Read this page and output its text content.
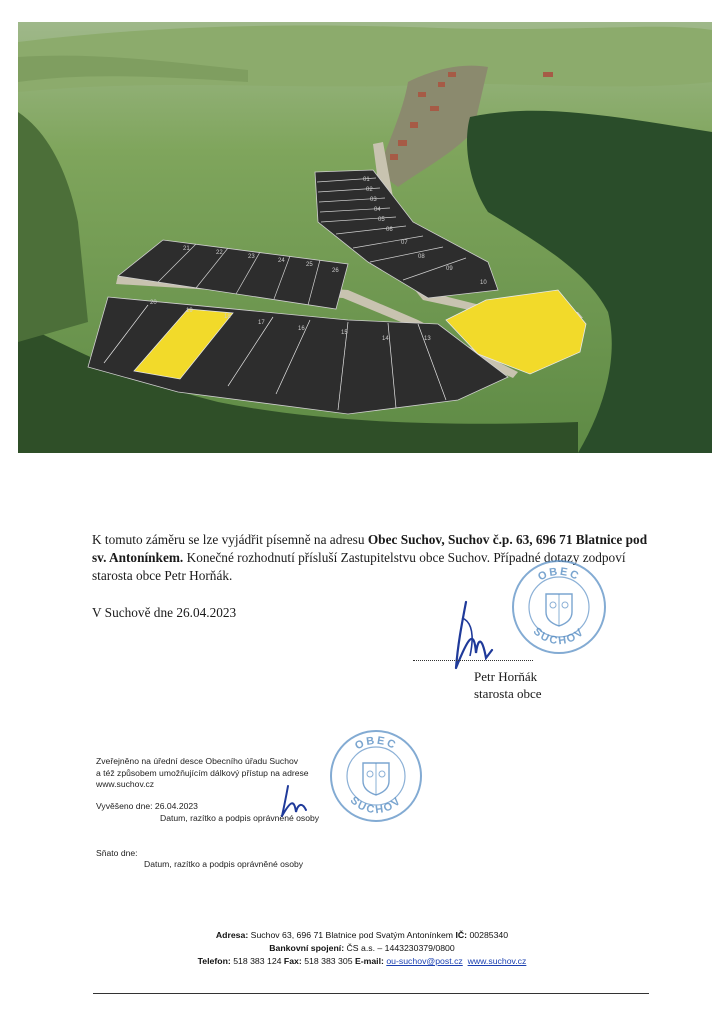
01
02
03
04
05
06
07
08
09
10
21
22
23
24
25
26
20
19
18
17
16
15
14	13
K tomuto záměru se lze vyjádřit písemně na adresu Obec Suchov, Suchov č.p. 63, 696 71 Blatnice pod sv. Antonínkem. Konečné rozhodnutí přísluší Zastupitelstvu obce Suchov. Případné dotazy zodpoví starosta obce Petr Horňák.
V Suchově dne 26.04.2023
OBEC
SUCHOV
Petr Horňák
starosta obce
Zveřejněno na úřední desce Obecního úřadu Suchov
a též způsobem umožňujícím dálkový přístup na adrese
www.suchov.cz
Vyvěšeno dne: 26.04.2023
Datum, razítko a podpis oprávněné osoby
Sňato dne:
Datum, razítko a podpis oprávněné osoby
OBEC
SUCHOV
Adresa: Suchov 63, 696 71 Blatnice pod Svatým Antonínkem IČ: 00285340
Bankovní spojení: ČS a.s. – 1443230379/0800
Telefon: 518 383 124 Fax: 518 383 305 E-mail: ou-suchov@post.cz www.suchov.cz
